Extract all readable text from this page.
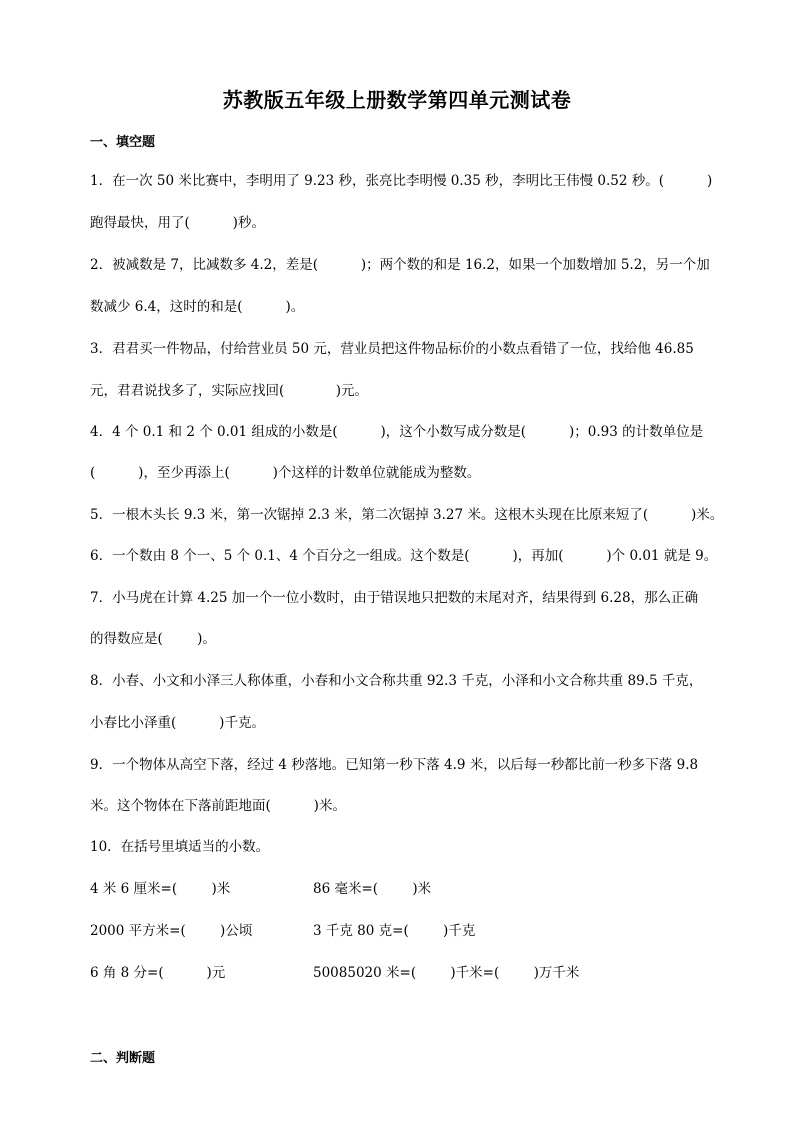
苏教版五年级上册数学第四单元测试卷
一、填空题
1．在一次 50 米比赛中，李明用了 9.23 秒，张亮比李明慢 0.35 秒，李明比王伟慢 0.52 秒。(          )
跑得最快，用了(          )秒。
2．被减数是 7，比减数多 4.2，差是(          )；两个数的和是 16.2，如果一个加数增加 5.2，另一个加
数减少 6.4，这时的和是(          )。
3．君君买一件物品，付给营业员 50 元，营业员把这件物品标价的小数点看错了一位，找给他 46.85
元，君君说找多了，实际应找回(            )元。
4．4 个 0.1 和 2 个 0.01 组成的小数是(          )，这个小数写成分数是(          )；0.93 的计数单位是
(          )，至少再添上(          )个这样的计数单位就能成为整数。
5．一根木头长 9.3 米，第一次锯掉 2.3 米，第二次锯掉 3.27 米。这根木头现在比原来短了(          )米。
6．一个数由 8 个一、5 个 0.1、4 个百分之一组成。这个数是(          )，再加(          )个 0.01 就是 9。
7．小马虎在计算 4.25 加一个一位小数时，由于错误地只把数的末尾对齐，结果得到 6.28，那么正确
的得数应是(        )。
8．小春、小文和小泽三人称体重，小春和小文合称共重 92.3 千克，小泽和小文合称共重 89.5 千克，
小春比小泽重(          )千克。
9．一个物体从高空下落，经过 4 秒落地。已知第一秒下落 4.9 米，以后每一秒都比前一秒多下落 9.8
米。这个物体在下落前距地面(          )米。
10．在括号里填适当的小数。
4 米 6 厘米=(        )米	86 毫米=(        )米
2000 平方米=(        )公顷	3 千克 80 克=(        )千克
6 角 8 分=(          )元	50085020 米=(        )千米=(        )万千米
二、判断题
